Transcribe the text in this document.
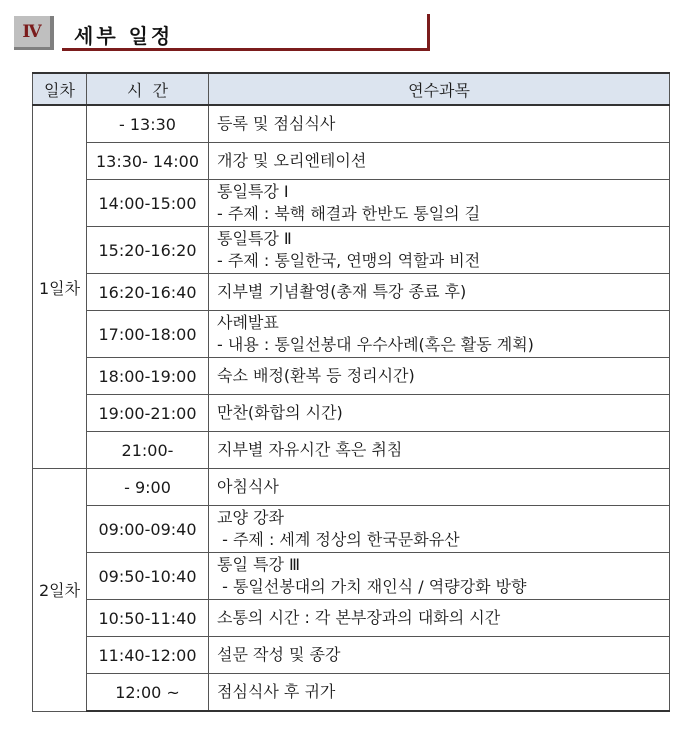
Ⅳ	세부 일정
일차	시  간	연수과목
1일차	- 13:30	등록 및 점심식사

	13:30- 14:00	개강 및 오리엔테이션

	14:00-15:00	통일특강 Ⅰ
- 주제 : 북핵 해결과 한반도 통일의 길

	15:20-16:20	통일특강 Ⅱ
- 주제 : 통일한국, 연맹의 역할과 비전

	16:20-16:40	지부별 기념촬영(총재 특강 종료 후)

	17:00-18:00	사례발표
- 내용 : 통일선봉대 우수사례(혹은 활동 계획)

	18:00-19:00	숙소 배정(환복 등 정리시간)

	19:00-21:00	만찬(화합의 시간)

	21:00-	지부별 자유시간 혹은 취침

2일차	- 9:00	아침식사

	09:00-09:40	교양 강좌
- 주제 : 세계 정상의 한국문화유산

	09:50-10:40	통일 특강 Ⅲ
- 통일선봉대의 가치 재인식 / 역량강화 방향

	10:50-11:40	소통의 시간 : 각 본부장과의 대화의 시간

	11:40-12:00	설문 작성 및 종강

	12:00 ~	점심식사 후 귀가
